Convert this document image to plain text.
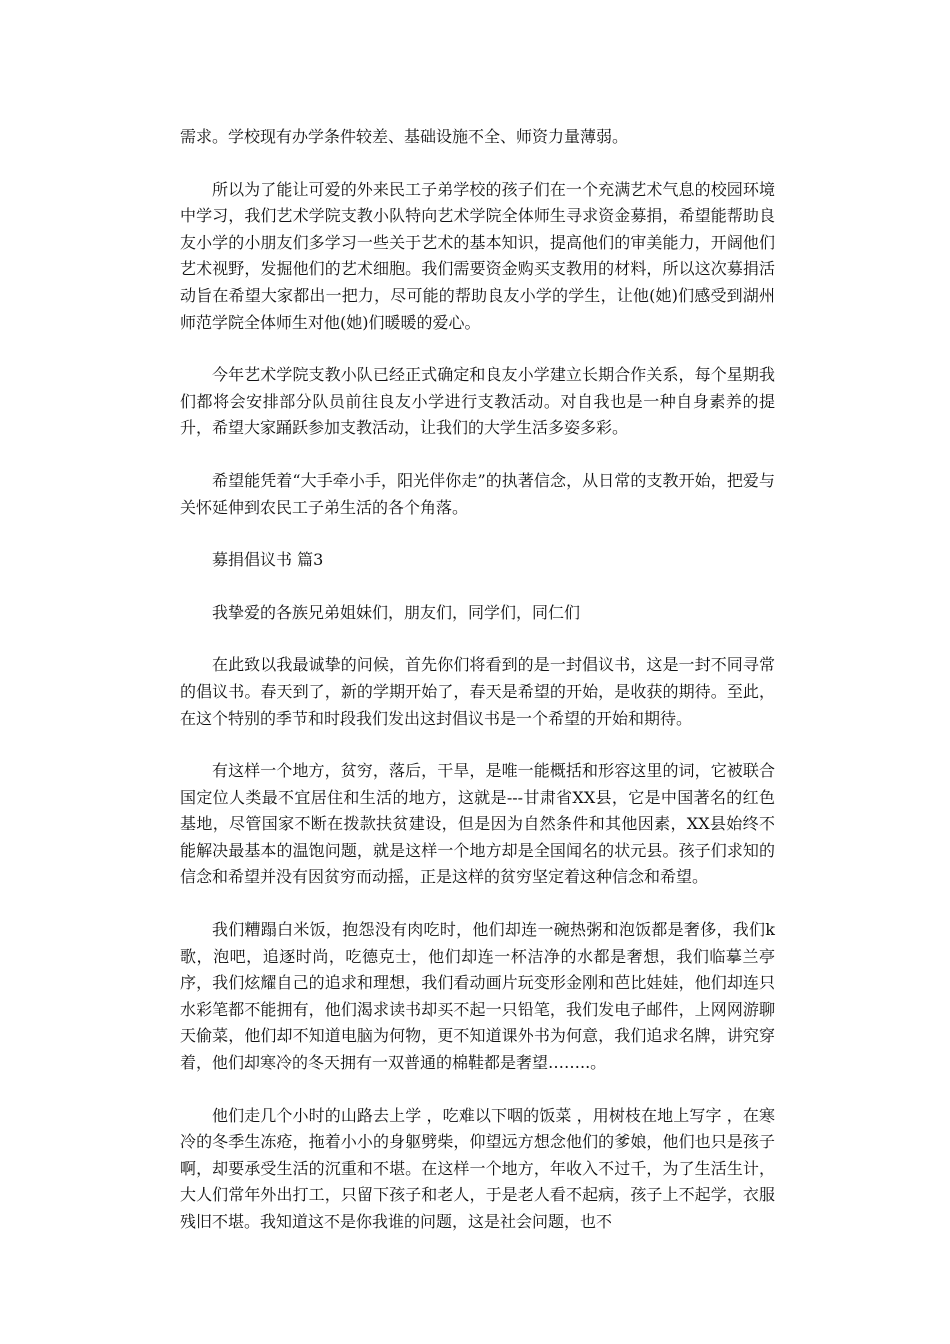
需求。学校现有办学条件较差、基础设施不全、师资力量薄弱。

所以为了能让可爱的外来民工子弟学校的孩子们在一个充满艺术气息的校园环境中学习，我们艺术学院支教小队特向艺术学院全体师生寻求资金募捐，希望能帮助良友小学的小朋友们多学习一些关于艺术的基本知识，提高他们的审美能力，开阔他们艺术视野，发掘他们的艺术细胞。我们需要资金购买支教用的材料，所以这次募捐活动旨在希望大家都出一把力，尽可能的帮助良友小学的学生，让他(她)们感受到湖州师范学院全体师生对他(她)们暖暖的爱心。

今年艺术学院支教小队已经正式确定和良友小学建立长期合作关系，每个星期我们都将会安排部分队员前往良友小学进行支教活动。对自我也是一种自身素养的提升，希望大家踊跃参加支教活动，让我们的大学生活多姿多彩。

希望能凭着“大手牵小手，阳光伴你走”的执著信念，从日常的支教开始，把爱与关怀延伸到农民工子弟生活的各个角落。

募捐倡议书 篇3

我挚爱的各族兄弟姐妹们，朋友们，同学们，同仁们

在此致以我最诚挚的问候，首先你们将看到的是一封倡议书，这是一封不同寻常的倡议书。春天到了，新的学期开始了，春天是希望的开始，是收获的期待。至此，在这个特别的季节和时段我们发出这封倡议书是一个希望的开始和期待。

有这样一个地方，贫穷，落后，干旱，是唯一能概括和形容这里的词，它被联合国定位人类最不宜居住和生活的地方，这就是---甘肃省XX县，它是中国著名的红色基地，尽管国家不断在拨款扶贫建设，但是因为自然条件和其他因素，XX县始终不能解决最基本的温饱问题，就是这样一个地方却是全国闻名的状元县。孩子们求知的信念和希望并没有因贫穷而动摇，正是这样的贫穷坚定着这种信念和希望。

我们糟蹋白米饭，抱怨没有肉吃时，他们却连一碗热粥和泡饭都是奢侈，我们k歌，泡吧，追逐时尚，吃德克士，他们却连一杯洁净的水都是奢想，我们临摹兰亭序，我们炫耀自己的追求和理想，我们看动画片玩变形金刚和芭比娃娃，他们却连只水彩笔都不能拥有，他们渴求读书却买不起一只铅笔，我们发电子邮件，上网网游聊天偷菜，他们却不知道电脑为何物，更不知道课外书为何意，我们追求名牌，讲究穿着，他们却寒冷的冬天拥有一双普通的棉鞋都是奢望……..。

他们走几个小时的山路去上学 ，吃难以下咽的饭菜 ，用树枝在地上写字 ，在寒冷的冬季生冻疮，拖着小小的身躯劈柴，仰望远方想念他们的爹娘，他们也只是孩子啊，却要承受生活的沉重和不堪。在这样一个地方，年收入不过千，为了生活生计，大人们常年外出打工，只留下孩子和老人，于是老人看不起病，孩子上不起学，衣服残旧不堪。我知道这不是你我谁的问题，这是社会问题，也不
